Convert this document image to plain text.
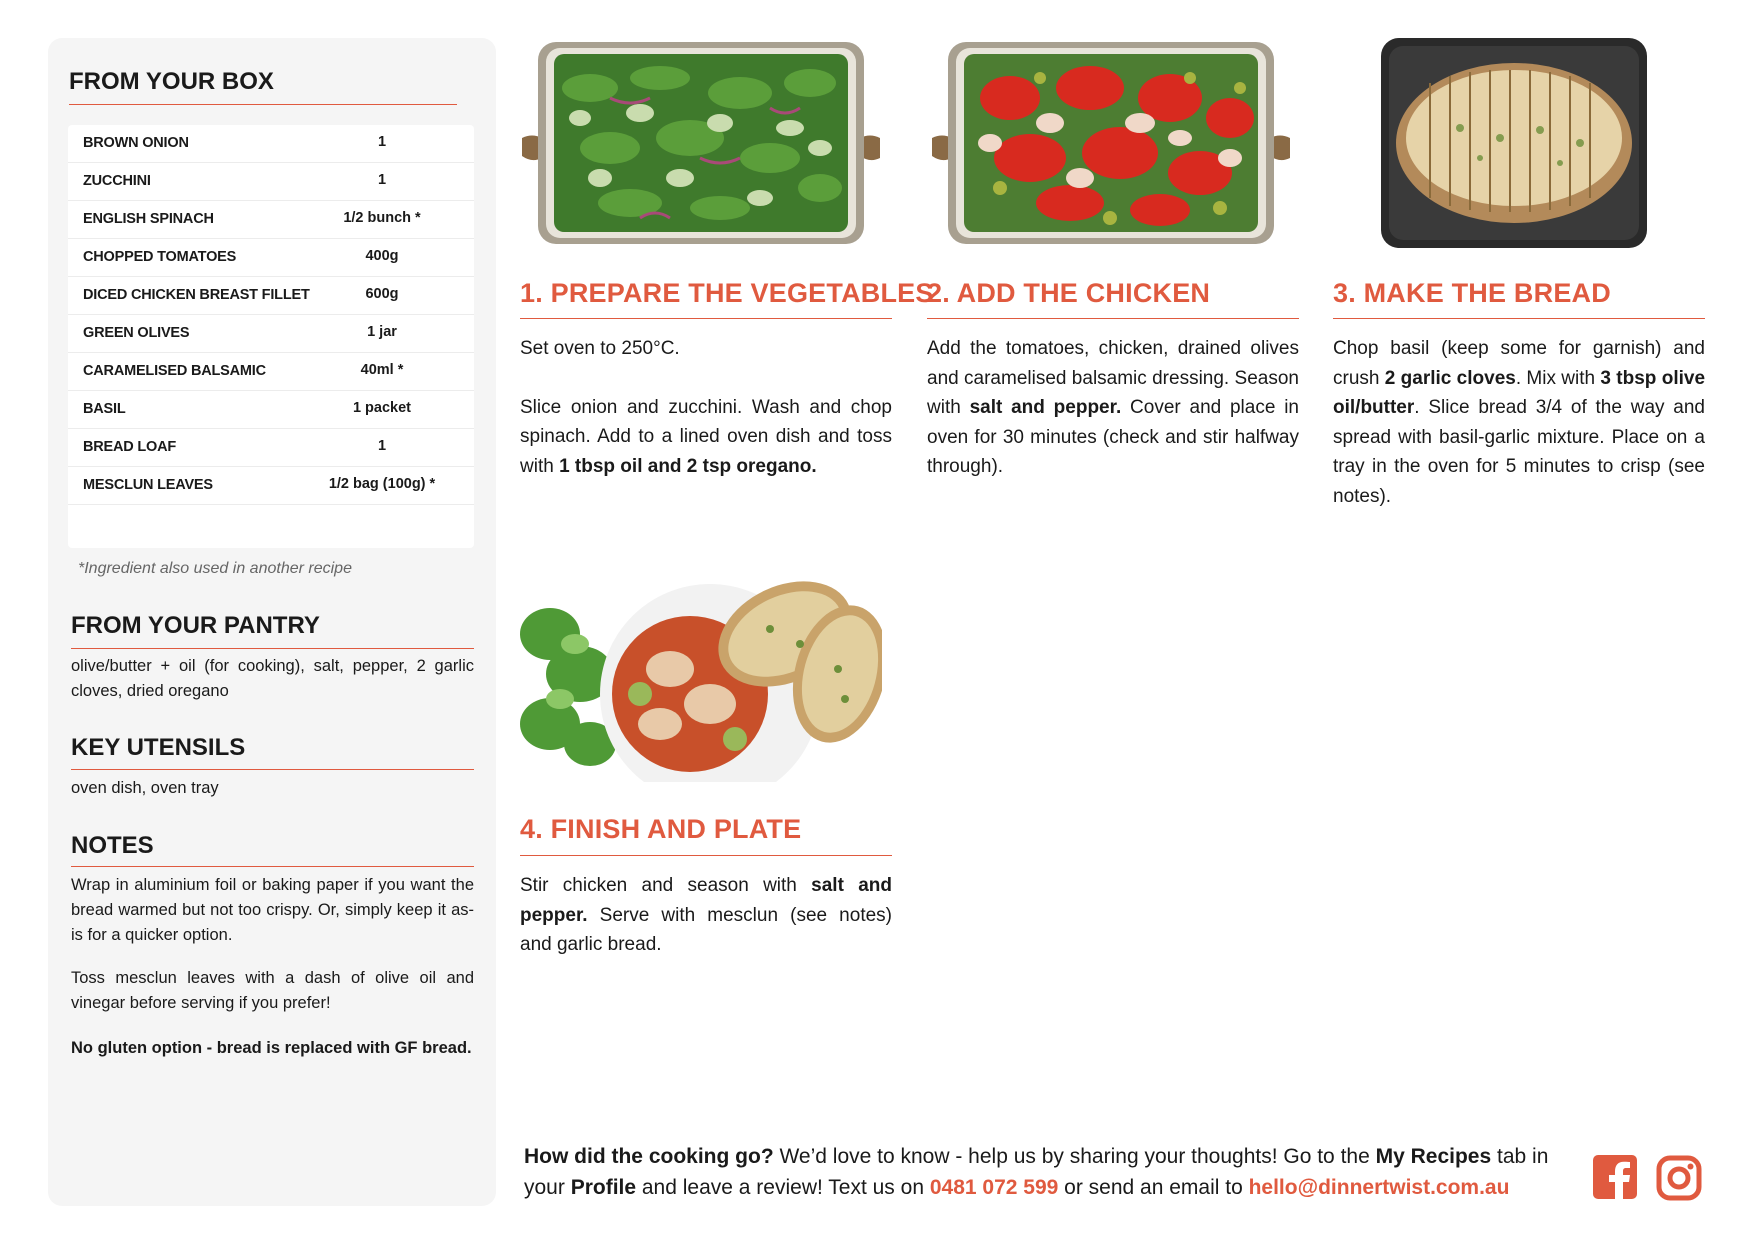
FROM YOUR BOX
BROWN ONION	1
ZUCCHINI	1
ENGLISH SPINACH	1/2 bunch *
CHOPPED TOMATOES	400g
DICED CHICKEN BREAST FILLET	600g
GREEN OLIVES	1 jar
CARAMELISED BALSAMIC	40ml *
BASIL	1 packet
BREAD LOAF	1
MESCLUN LEAVES	1/2 bag (100g) *
*Ingredient also used in another recipe
FROM YOUR PANTRY
olive/butter + oil (for cooking), salt, pepper, 2 garlic cloves, dried oregano
KEY UTENSILS
oven dish, oven tray
NOTES
Wrap in aluminium foil or baking paper if you want the bread warmed but not too crispy. Or, simply keep it as-is for a quicker option.
Toss mesclun leaves with a dash of olive oil and vinegar before serving if you prefer!
No gluten option - bread is replaced with GF bread.
1. PREPARE THE VEGETABLES
Set oven to 250°C.
Slice onion and zucchini. Wash and chop spinach. Add to a lined oven dish and toss with 1 tbsp oil and 2 tsp oregano.
2. ADD THE CHICKEN
Add the tomatoes, chicken, drained olives and caramelised balsamic dressing. Season with salt and pepper. Cover and place in oven for 30 minutes (check and stir halfway through).
3. MAKE THE BREAD
Chop basil (keep some for garnish) and crush 2 garlic cloves. Mix with 3 tbsp olive oil/butter. Slice bread 3/4 of the way and spread with basil-garlic mixture. Place on a tray in the oven for 5 minutes to crisp (see notes).
4. FINISH AND PLATE
Stir chicken and season with salt and pepper. Serve with mesclun (see notes) and garlic bread.
How did the cooking go? We’d love to know - help us by sharing your thoughts! Go to the My Recipes tab in your Profile and leave a review! Text us on 0481 072 599 or send an email to hello@dinnertwist.com.au
